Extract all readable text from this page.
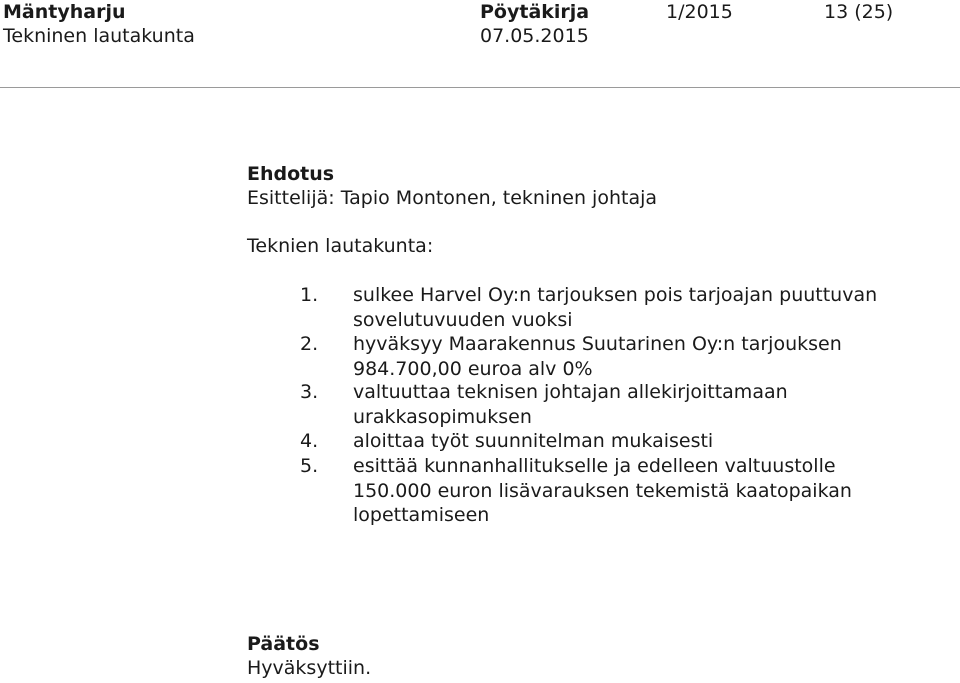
Mäntyharju
Tekninen lautakunta
Pöytäkirja
07.05.2015
1/2015	13 (25)
Ehdotus
Esittelijä: Tapio Montonen, tekninen johtaja
Teknien lautakunta:
1. sulkee Harvel Oy:n tarjouksen pois tarjoajan puuttuvan sovelutuvuuden vuoksi
2. hyväksyy Maarakennus Suutarinen Oy:n tarjouksen 984.700,00 euroa alv 0%
3. valtuuttaa teknisen johtajan allekirjoittamaan urakkasopimuksen
4. aloittaa työt suunnitelman mukaisesti
5. esittää kunnanhallitukselle ja edelleen valtuustolle 150.000 euron lisävarauksen tekemistä kaatopaikan lopettamiseen
Päätös
Hyväksyttiin.
